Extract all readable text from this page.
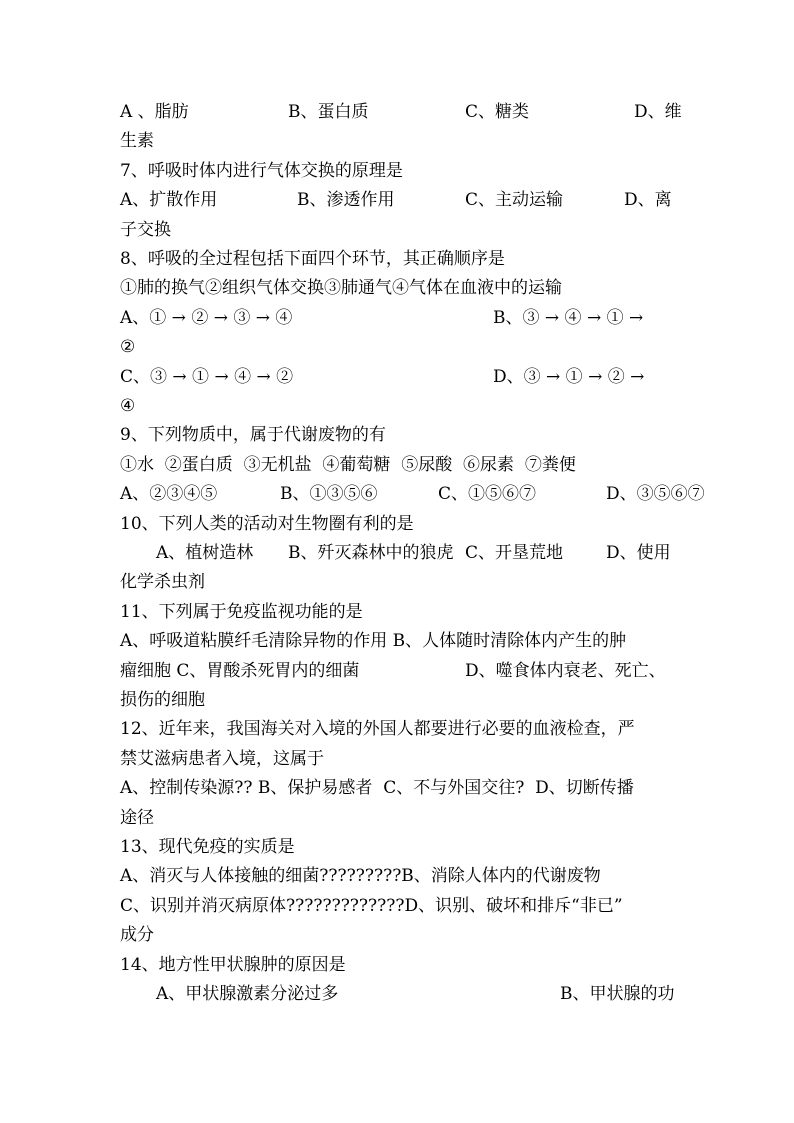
A 、脂肪	B、蛋白质	C、糖类	D、维
生素
7、呼吸时体内进行气体交换的原理是
A、扩散作用	B、渗透作用	C、主动运输	D、离
子交换
8、呼吸的全过程包括下面四个环节，其正确顺序是
①肺的换气②组织气体交换③肺通气④气体在血液中的运输
A、① → ② → ③ → ④	B、③ → ④ → ① →
②
C、③ → ① → ④ → ②	D、③ → ① → ② →
④
9、下列物质中，属于代谢废物的有
①水  ②蛋白质  ③无机盐  ④葡萄糖  ⑤尿酸  ⑥尿素  ⑦粪便
A、②③④⑤	B、①③⑤⑥	C、①⑤⑥⑦	D、③⑤⑥⑦
10、下列人类的活动对生物圈有利的是
A、植树造林 B、歼灭森林中的狼虎 C、开垦荒地	D、使用
化学杀虫剂
11、下列属于免疫监视功能的是
A、呼吸道粘膜纤毛清除异物的作用 B、人体随时清除体内产生的肿
瘤细胞 C、胃酸杀死胃内的细菌	D、噬食体内衰老、死亡、
损伤的细胞
12、近年来，我国海关对入境的外国人都要进行必要的血液检查，严
禁艾滋病患者入境，这属于
A、控制传染源?? B、保护易感者  C、不与外国交往?  D、切断传播
途径
13、现代免疫的实质是
A、消灭与人体接触的细菌?????????B、消除人体内的代谢废物
C、识别并消灭病原体?????????????D、识别、破坏和排斥“非已”
成分
14、地方性甲状腺肿的原因是
A、甲状腺激素分泌过多	B、甲状腺的功
